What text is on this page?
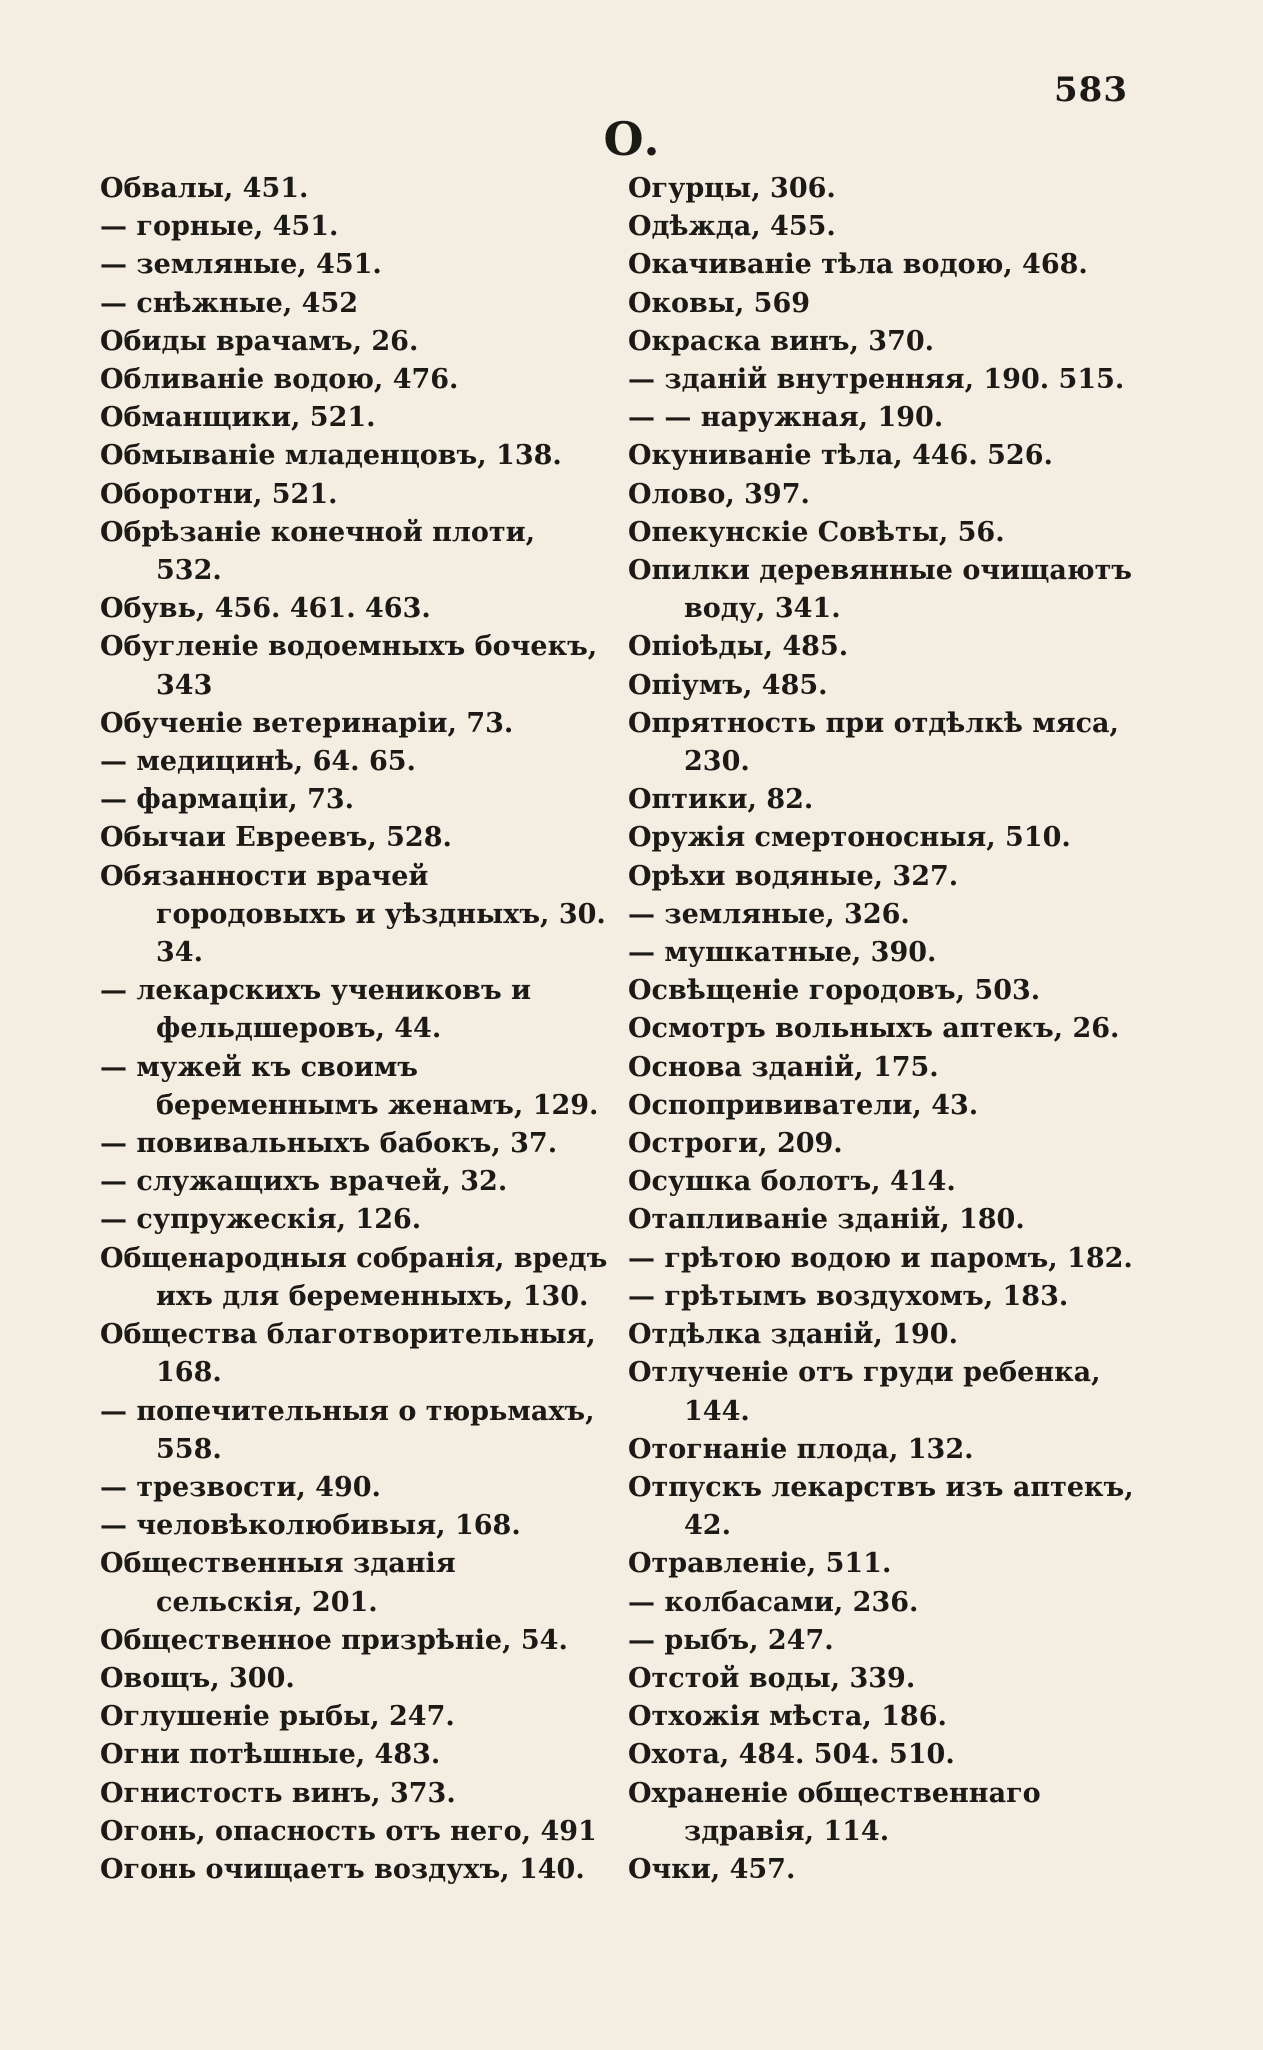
583
О.

Обвалы, 451.

— горные, 451.

— земляные, 451.

— снѣжные, 452

Обиды врачамъ, 26.

Обливаніе водою, 476.

Обманщики, 521.

Обмываніе младенцовъ, 138.

Оборотни, 521.

Обрѣзаніе конечной плоти, 532.

Обувь, 456. 461. 463.

Обугленіе водоемныхъ бочекъ, 343

Обученіе ветеринаріи, 73.

— медицинѣ, 64. 65.

— фармаціи, 73.

Обычаи Евреевъ, 528.

Обязанности врачей городовыхъ и уѣздныхъ, 30. 34.

— лекарскихъ учениковъ и фельдшеровъ, 44.

— мужей къ своимъ беременнымъ женамъ, 129.

— повивальныхъ бабокъ, 37.

— служащихъ врачей, 32.

— супружескія, 126.

Общенародныя собранія, вредъ ихъ для беременныхъ, 130.

Общества благотворительныя, 168.

— попечительныя о тюрьмахъ, 558.

— трезвости, 490.

— человѣколюбивыя, 168.

Общественныя зданія сельскія, 201.

Общественное призрѣніе, 54.

Овощъ, 300.

Оглушеніе рыбы, 247.

Огни потѣшные, 483.

Огнистость винъ, 373.

Огонь, опасность отъ него, 491

Огонь очищаетъ воздухъ, 140.

Огурцы, 306.

Одѣжда, 455.

Окачиваніе тѣла водою, 468.

Оковы, 569

Окраска винъ, 370.

— зданій внутренняя, 190. 515.

— — наружная, 190.

Окуниваніе тѣла, 446. 526.

Олово, 397.

Опекунскіе Совѣты, 56.

Опилки деревянные очищаютъ воду, 341.

Опіоѣды, 485.

Опіумъ, 485.

Опрятность при отдѣлкѣ мяса, 230.

Оптики, 82.

Оружія смертоносныя, 510.

Орѣхи водяные, 327.

— земляные, 326.

— мушкатные, 390.

Освѣщеніе городовъ, 503.

Осмотръ вольныхъ аптекъ, 26.

Основа зданій, 175.

Оспопрививатели, 43.

Остроги, 209.

Осушка болотъ, 414.

Отапливаніе зданій, 180.

— грѣтою водою и паромъ, 182.

— грѣтымъ воздухомъ, 183.

Отдѣлка зданій, 190.

Отлученіе отъ груди ребенка, 144.

Отогнаніе плода, 132.

Отпускъ лекарствъ изъ аптекъ, 42.

Отравленіе, 511.

— колбасами, 236.

— рыбъ, 247.

Отстой воды, 339.

Отхожія мѣста, 186.

Охота, 484. 504. 510.

Охраненіе общественнаго здравія, 114.

Очки, 457.
